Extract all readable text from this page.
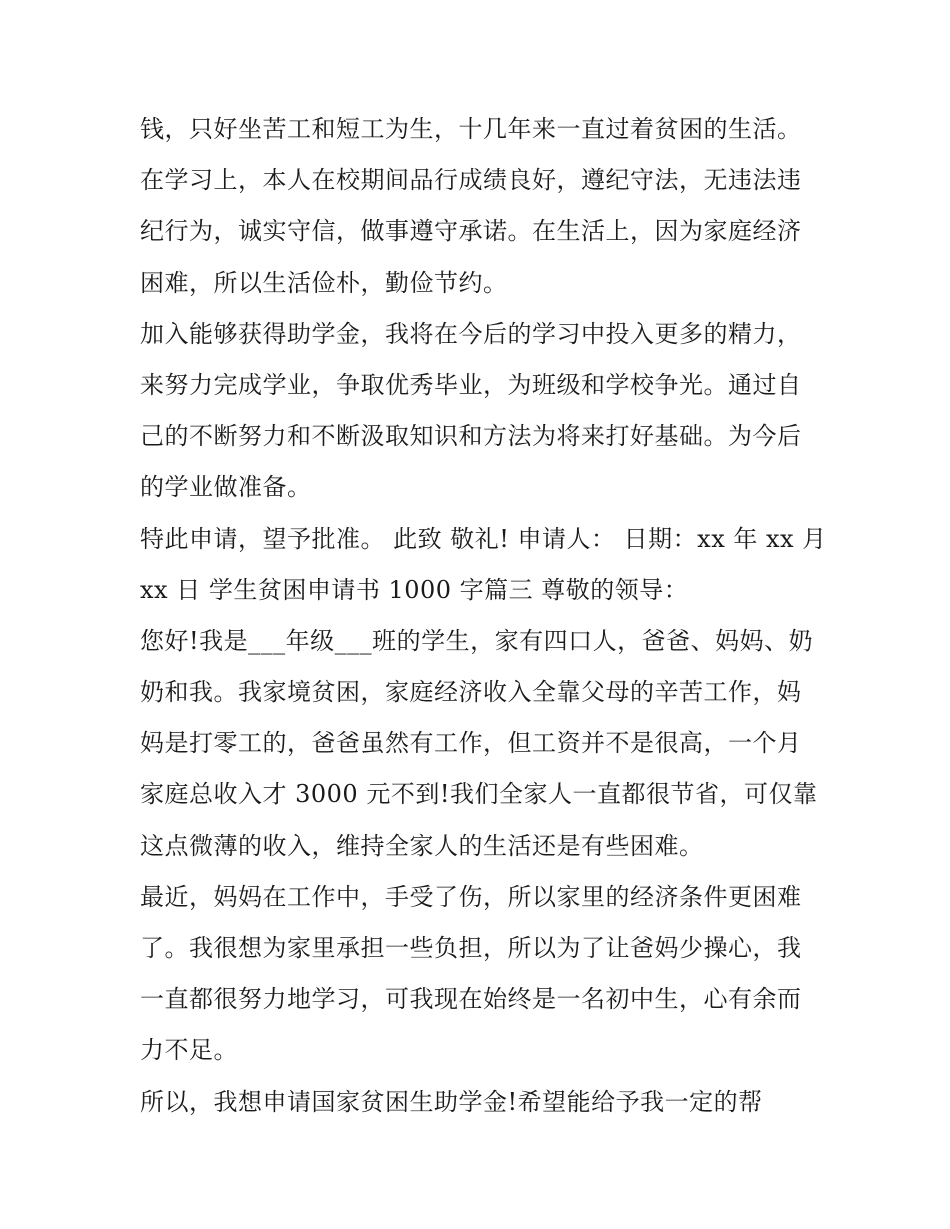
钱，只好坐苦工和短工为生，十几年来一直过着贫困的生活。
在学习上，本人在校期间品行成绩良好，遵纪守法，无违法违
纪行为，诚实守信，做事遵守承诺。在生活上，因为家庭经济
困难，所以生活俭朴，勤俭节约。
加入能够获得助学金，我将在今后的学习中投入更多的精力，
来努力完成学业，争取优秀毕业，为班级和学校争光。通过自
己的不断努力和不断汲取知识和方法为将来打好基础。为今后
的学业做准备。
特此申请，望予批准。 此致 敬礼! 申请人： 日期：xx 年 xx 月
xx 日 学生贫困申请书 1000 字篇三 尊敬的领导：
您好!我是___年级___班的学生，家有四口人，爸爸、妈妈、奶
奶和我。我家境贫困，家庭经济收入全靠父母的辛苦工作，妈
妈是打零工的，爸爸虽然有工作，但工资并不是很高，一个月
家庭总收入才 3000 元不到!我们全家人一直都很节省，可仅靠
这点微薄的收入，维持全家人的生活还是有些困难。
最近，妈妈在工作中，手受了伤，所以家里的经济条件更困难
了。我很想为家里承担一些负担，所以为了让爸妈少操心，我
一直都很努力地学习，可我现在始终是一名初中生，心有余而
力不足。
所以，我想申请国家贫困生助学金!希望能给予我一定的帮
